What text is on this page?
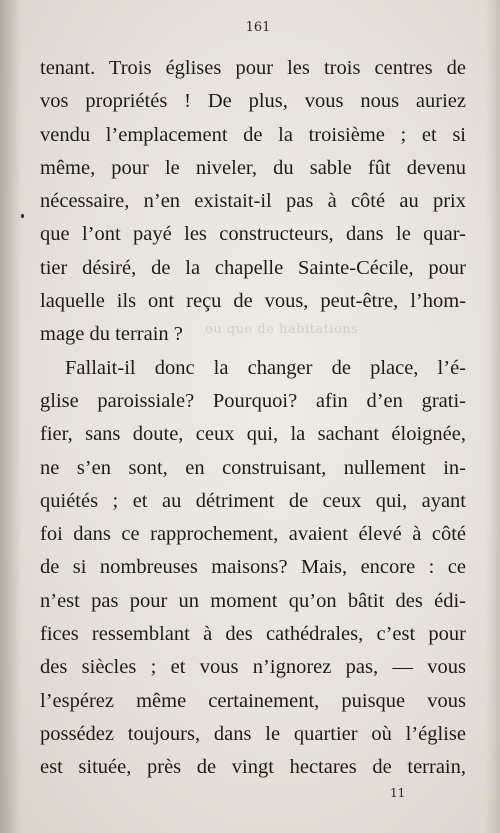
ou que de habitations
161
tenant. Trois églises pour les trois centres de
vos propriétés ! De plus, vous nous auriez
vendu l’emplacement de la troisième ; et si
même, pour le niveler, du sable fût devenu
nécessaire, n’en existait-il pas à côté au prix
que l’ont payé les constructeurs, dans le quar-
tier désiré, de la chapelle Sainte-Cécile, pour
laquelle ils ont reçu de vous, peut-être, l’hom-
mage du terrain ?
Fallait-il donc la changer de place, l’é-
glise paroissiale? Pourquoi? afin d’en grati-
fier, sans doute, ceux qui, la sachant éloignée,
ne s’en sont, en construisant, nullement in-
quiétés ; et au détriment de ceux qui, ayant
foi dans ce rapprochement, avaient élevé à côté
de si nombreuses maisons? Mais, encore : ce
n’est pas pour un moment qu’on bâtit des édi-
fices ressemblant à des cathédrales, c’est pour
des siècles ; et vous n’ignorez pas, — vous
l’espérez même certainement, puisque vous
possédez toujours, dans le quartier où l’église
est située, près de vingt hectares de terrain,
11
